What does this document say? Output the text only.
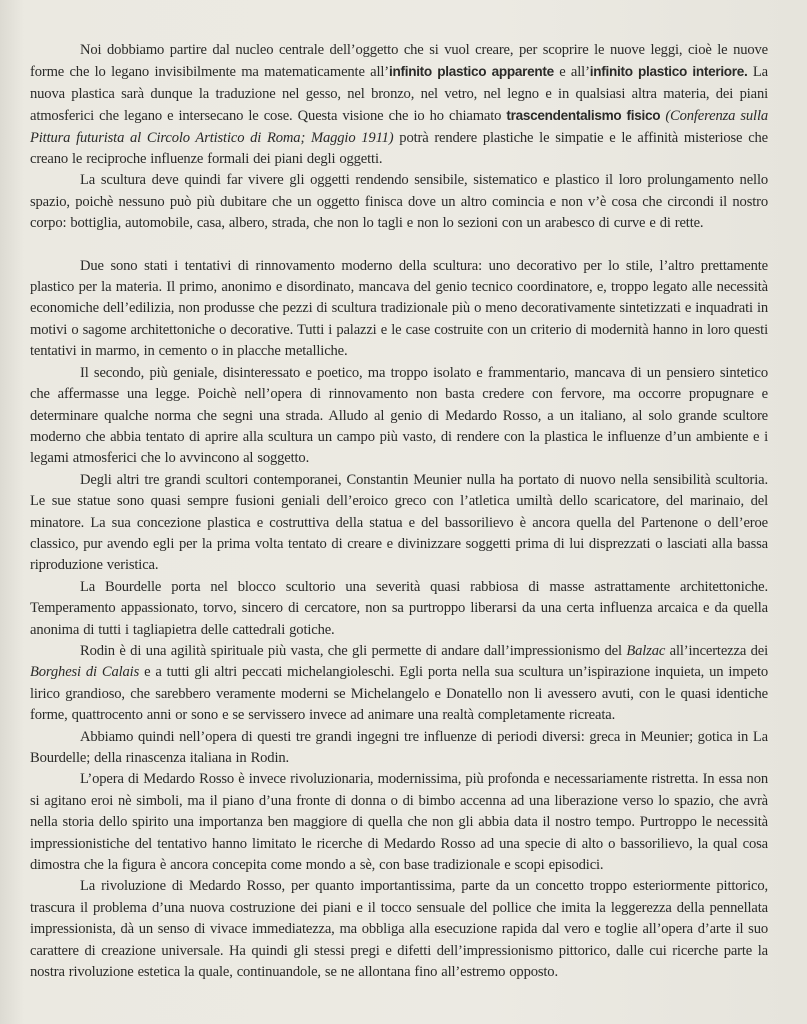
Noi dobbiamo partire dal nucleo centrale dell’oggetto che si vuol creare, per scoprire le nuove leggi, cioè le nuove forme che lo legano invisibilmente ma matematicamente all’infinito plastico apparente e all’infinito plastico interiore. La nuova plastica sarà dunque la traduzione nel gesso, nel bronzo, nel vetro, nel legno e in qualsiasi altra materia, dei piani atmosferici che legano e intersecano le cose. Questa visione che io ho chiamato trascendentalismo fisico (Conferenza sulla Pittura futurista al Circolo Artistico di Roma; Maggio 1911) potrà rendere plastiche le simpatie e le affinità misteriose che creano le reciproche influenze formali dei piani degli oggetti.

La scultura deve quindi far vivere gli oggetti rendendo sensibile, sistematico e plastico il loro prolungamento nello spazio, poichè nessuno può più dubitare che un oggetto finisca dove un altro comincia e non v’è cosa che circondi il nostro corpo: bottiglia, automobile, casa, albero, strada, che non lo tagli e non lo sezioni con un arabesco di curve e di rette.

Due sono stati i tentativi di rinnovamento moderno della scultura: uno decorativo per lo stile, l’altro prettamente plastico per la materia. Il primo, anonimo e disordinato, mancava del genio tecnico coordinatore, e, troppo legato alle necessità economiche dell’edilizia, non produsse che pezzi di scultura tradizionale più o meno decorativamente sintetizzati e inquadrati in motivi o sagome architettoniche o decorative. Tutti i palazzi e le case costruite con un criterio di modernità hanno in loro questi tentativi in marmo, in cemento o in placche metalliche.

Il secondo, più geniale, disinteressato e poetico, ma troppo isolato e frammentario, mancava di un pensiero sintetico che affermasse una legge. Poichè nell’opera di rinnovamento non basta credere con fervore, ma occorre propugnare e determinare qualche norma che segni una strada. Alludo al genio di Medardo Rosso, a un italiano, al solo grande scultore moderno che abbia tentato di aprire alla scultura un campo più vasto, di rendere con la plastica le influenze d’un ambiente e i legami atmosferici che lo avvincono al soggetto.

Degli altri tre grandi scultori contemporanei, Constantin Meunier nulla ha portato di nuovo nella sensibilità scultoria. Le sue statue sono quasi sempre fusioni geniali dell’eroico greco con l’atletica umiltà dello scaricatore, del marinaio, del minatore. La sua concezione plastica e costruttiva della statua e del bassorilievo è ancora quella del Partenone o dell’eroe classico, pur avendo egli per la prima volta tentato di creare e divinizzare soggetti prima di lui disprezzati o lasciati alla bassa riproduzione veristica.

La Bourdelle porta nel blocco scultorio una severità quasi rabbiosa di masse astrattamente architettoniche. Temperamento appassionato, torvo, sincero di cercatore, non sa purtroppo liberarsi da una certa influenza arcaica e da quella anonima di tutti i tagliapietra delle cattedrali gotiche.

Rodin è di una agilità spirituale più vasta, che gli permette di andare dall’impressionismo del Balzac all’incertezza dei Borghesi di Calais e a tutti gli altri peccati michelangioleschi. Egli porta nella sua scultura un’ispirazione inquieta, un impeto lirico grandioso, che sarebbero veramente moderni se Michelangelo e Donatello non li avessero avuti, con le quasi identiche forme, quattrocento anni or sono e se servissero invece ad animare una realtà completamente ricreata.

Abbiamo quindi nell’opera di questi tre grandi ingegni tre influenze di periodi diversi: greca in Meunier; gotica in La Bourdelle; della rinascenza italiana in Rodin.

L’opera di Medardo Rosso è invece rivoluzionaria, modernissima, più profonda e necessariamente ristretta. In essa non si agitano eroi nè simboli, ma il piano d’una fronte di donna o di bimbo accenna ad una liberazione verso lo spazio, che avrà nella storia dello spirito una importanza ben maggiore di quella che non gli abbia data il nostro tempo. Purtroppo le necessità impressionistiche del tentativo hanno limitato le ricerche di Medardo Rosso ad una specie di alto o bassorilievo, la qual cosa dimostra che la figura è ancora concepita come mondo a sè, con base tradizionale e scopi episodici.

La rivoluzione di Medardo Rosso, per quanto importantissima, parte da un concetto troppo esteriormente pittorico, trascura il problema d’una nuova costruzione dei piani e il tocco sensuale del pollice che imita la leggerezza della pennellata impressionista, dà un senso di vivace immediatezza, ma obbliga alla esecuzione rapida dal vero e toglie all’opera d’arte il suo carattere di creazione universale. Ha quindi gli stessi pregi e difetti dell’impressionismo pittorico, dalle cui ricerche parte la nostra rivoluzione estetica la quale, continuandole, se ne allontana fino all’estremo opposto.
